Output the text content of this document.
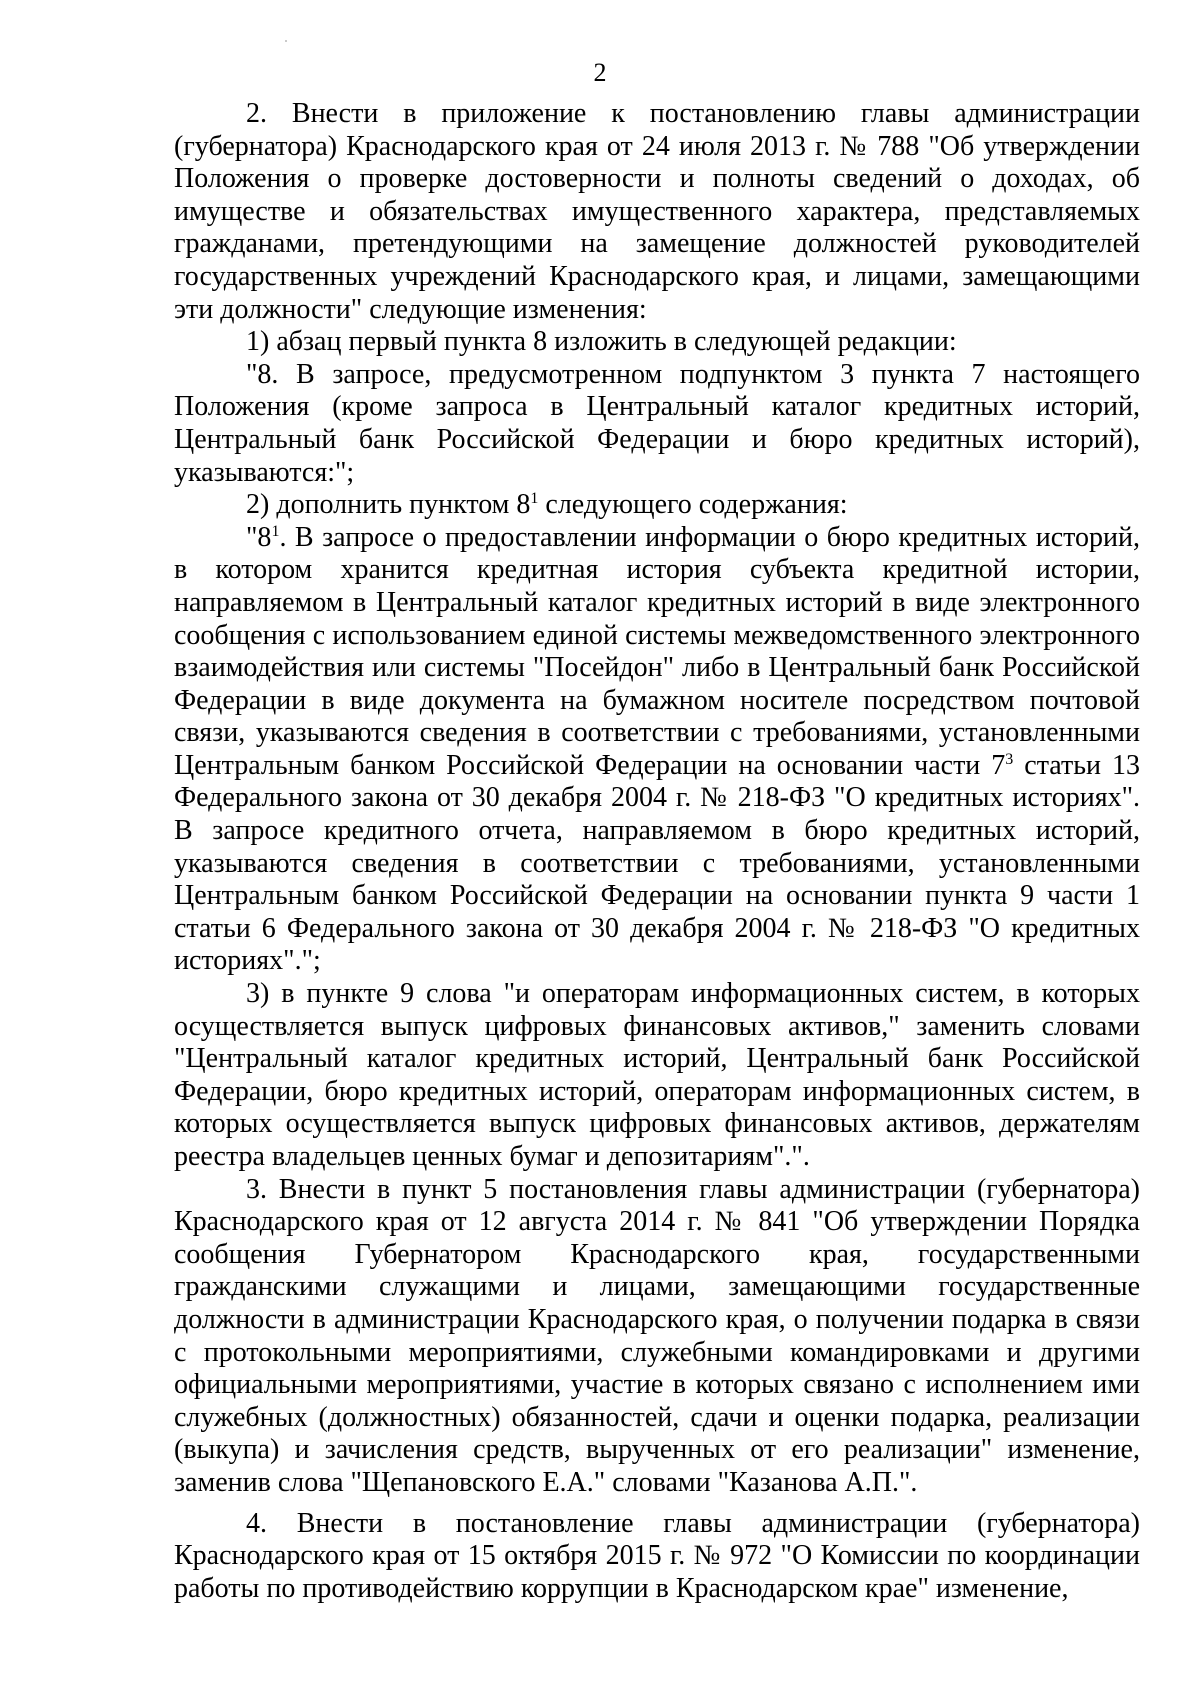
2

2. Внести в приложение к постановлению главы администрации (губернатора) Краснодарского края от 24 июля 2013 г. № 788 "Об утверждении Положения о проверке достоверности и полноты сведений о доходах, об имуществе и обязательствах имущественного характера, представляемых гражданами, претендующими на замещение должностей руководителей государственных учреждений Краснодарского края, и лицами, замещающими эти должности" следующие изменения:

1) абзац первый пункта 8 изложить в следующей редакции:

"8. В запросе, предусмотренном подпунктом 3 пункта 7 настоящего Положения (кроме запроса в Центральный каталог кредитных историй, Центральный банк Российской Федерации и бюро кредитных историй), указываются:";

2) дополнить пунктом $8^1$ следующего содержания:

"$8^1$. В запросе о предоставлении информации о бюро кредитных историй, в котором хранится кредитная история субъекта кредитной истории, направляемом в Центральный каталог кредитных историй в виде электронного сообщения с использованием единой системы межведомственного электронного взаимодействия или системы "Посейдон" либо в Центральный банк Российской Федерации в виде документа на бумажном носителе посредством почтовой связи, указываются сведения в соответствии с требованиями, установленными Центральным банком Российской Федерации на основании части $7^3$ статьи 13 Федерального закона от 30 декабря 2004 г. № 218-ФЗ "О кредитных историях". В запросе кредитного отчета, направляемом в бюро кредитных историй, указываются сведения в соответствии с требованиями, установленными Центральным банком Российской Федерации на основании пункта 9 части 1 статьи 6 Федерального закона от 30 декабря 2004 г. № 218-ФЗ "О кредитных историях".";

3) в пункте 9 слова "и операторам информационных систем, в которых осуществляется выпуск цифровых финансовых активов," заменить словами "Центральный каталог кредитных историй, Центральный банк Российской Федерации, бюро кредитных историй, операторам информационных систем, в которых осуществляется выпуск цифровых финансовых активов, держателям реестра владельцев ценных бумаг и депозитариям".".

3. Внести в пункт 5 постановления главы администрации (губернатора) Краснодарского края от 12 августа 2014 г. № 841 "Об утверждении Порядка сообщения Губернатором Краснодарского края, государственными гражданскими служащими и лицами, замещающими государственные должности в администрации Краснодарского края, о получении подарка в связи с протокольными мероприятиями, служебными командировками и другими официальными мероприятиями, участие в которых связано с исполнением ими служебных (должностных) обязанностей, сдачи и оценки подарка, реализации (выкупа) и зачисления средств, вырученных от его реализации" изменение, заменив слова "Щепановского Е.А." словами "Казанова А.П.".

4. Внести в постановление главы администрации (губернатора) Краснодарского края от 15 октября 2015 г. № 972 "О Комиссии по координации работы по противодействию коррупции в Краснодарском крае" изменение,
